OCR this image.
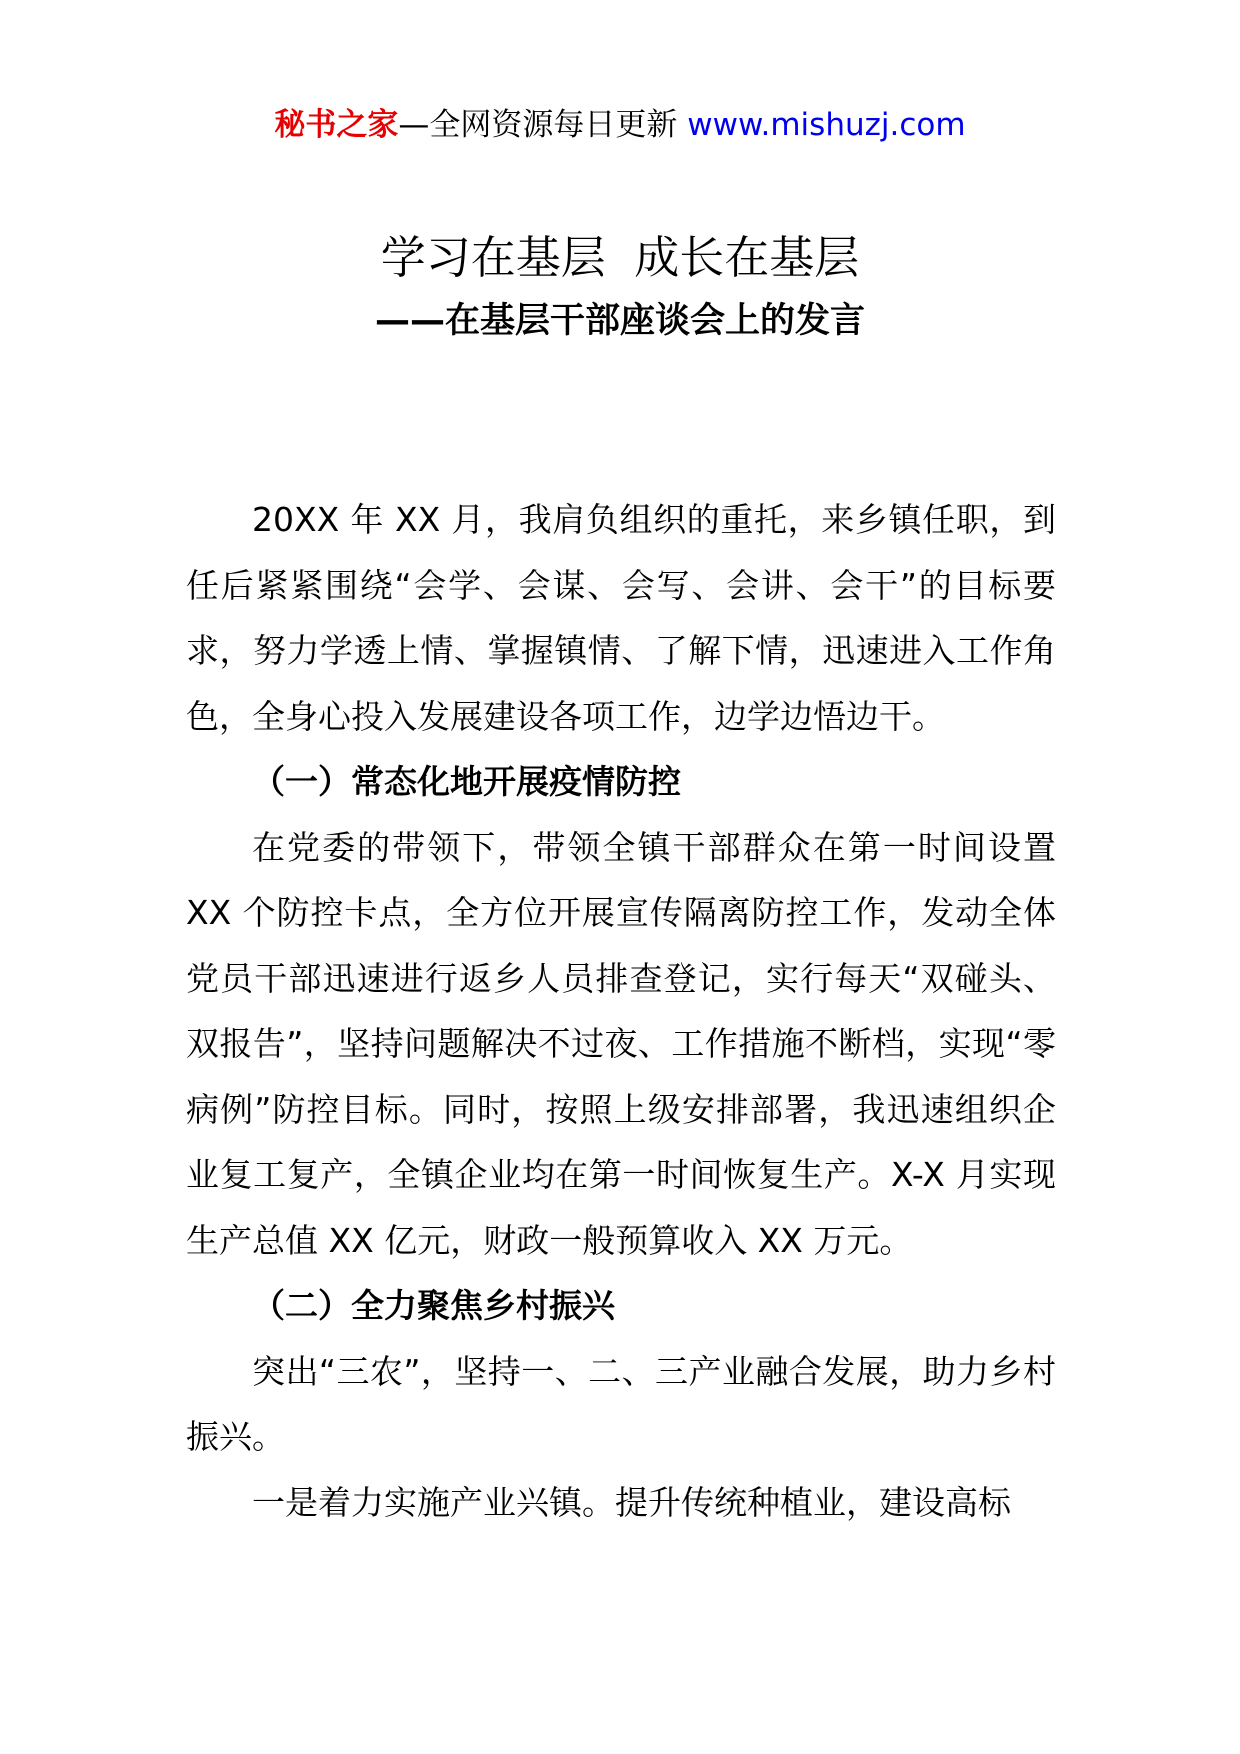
秘书之家—全网资源每日更新 www.mishuzj.com
学习在基层  成长在基层
——在基层干部座谈会上的发言

20XX 年 XX 月，我肩负组织的重托，来乡镇任职，到任后紧紧围绕“会学、会谋、会写、会讲、会干”的目标要求，努力学透上情、掌握镇情、了解下情，迅速进入工作角色，全身心投入发展建设各项工作，边学边悟边干。

（一）常态化地开展疫情防控

在党委的带领下，带领全镇干部群众在第一时间设置 XX 个防控卡点，全方位开展宣传隔离防控工作，发动全体党员干部迅速进行返乡人员排查登记，实行每天“双碰头、双报告”，坚持问题解决不过夜、工作措施不断档，实现“零病例”防控目标。同时，按照上级安排部署，我迅速组织企业复工复产，全镇企业均在第一时间恢复生产。X-X 月实现生产总值 XX 亿元，财政一般预算收入 XX 万元。

（二）全力聚焦乡村振兴

突出“三农”，坚持一、二、三产业融合发展，助力乡村振兴。

一是着力实施产业兴镇。提升传统种植业，建设高标
